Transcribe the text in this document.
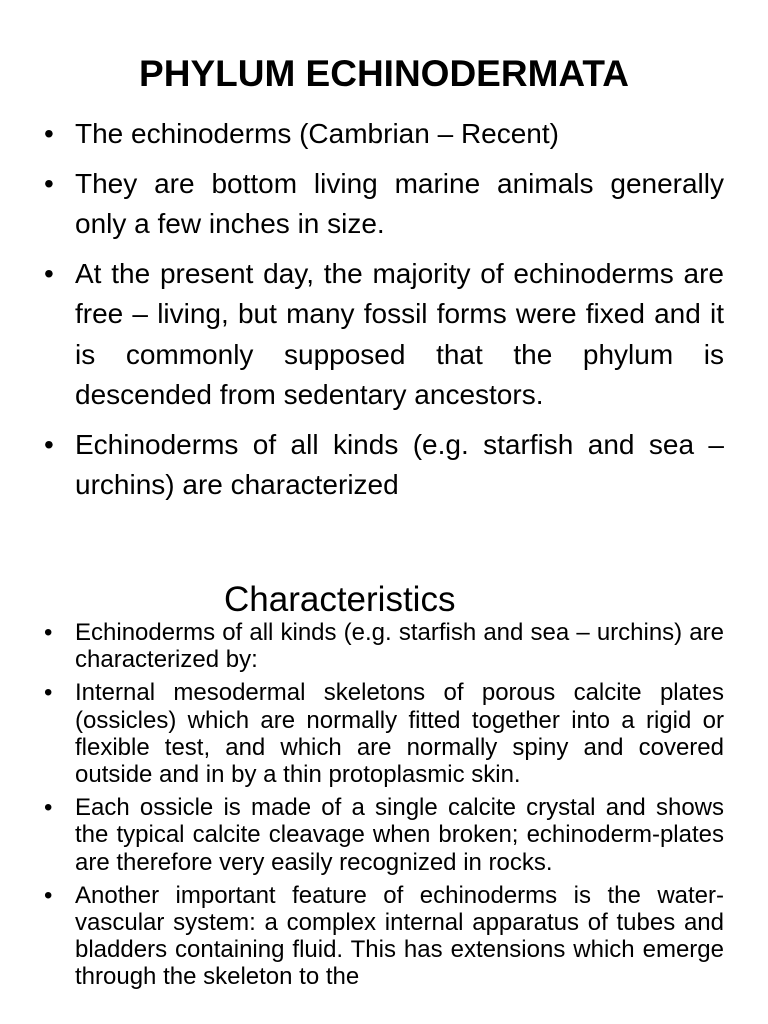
PHYLUM ECHINODERMATA
• The echinoderms (Cambrian – Recent)
• They are bottom living marine animals generally only a few inches in size.
• At the present day, the majority of echinoderms are free – living, but many fossil forms were fixed and it is commonly supposed that the phylum is descended from sedentary ancestors.
• Echinoderms of all kinds (e.g. starfish and sea – urchins) are characterized
Characteristics
• Echinoderms of all kinds (e.g. starfish and sea – urchins) are characterized by:
• Internal mesodermal skeletons of porous calcite plates (ossicles) which are normally fitted together into a rigid or flexible test, and which are normally spiny and covered outside and in by a thin protoplasmic skin.
• Each ossicle is made of a single calcite crystal and shows the typical calcite cleavage when broken; echinoderm-plates are therefore very easily recognized in rocks.
• Another important feature of echinoderms is the water- vascular system: a complex internal apparatus of tubes and bladders containing fluid. This has extensions which emerge through the skeleton to the
